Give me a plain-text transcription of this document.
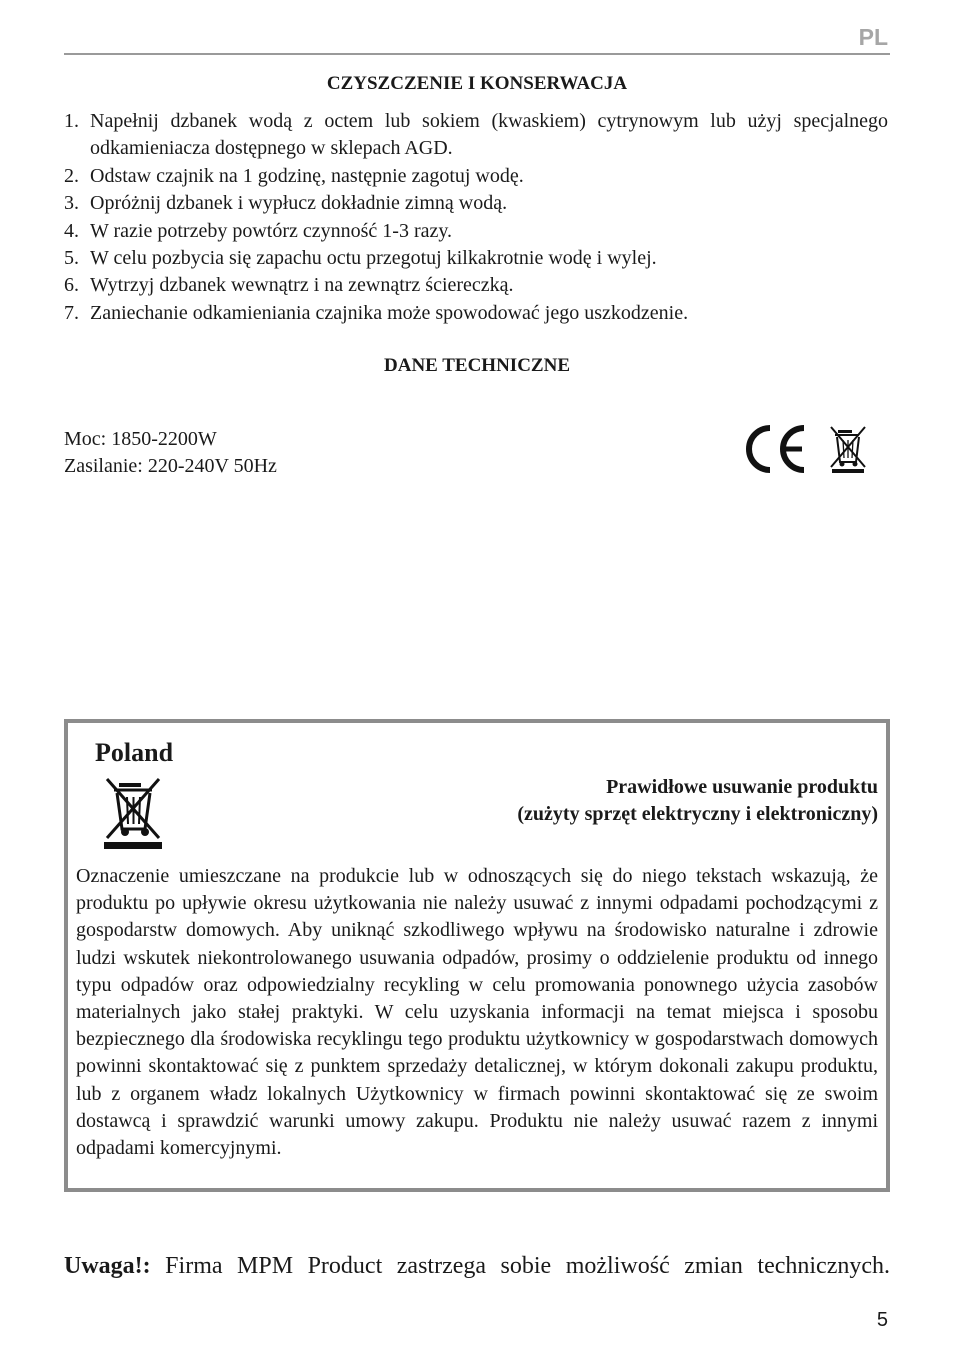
PL
CZYSZCZENIE I KONSERWACJA
1. Napełnij dzbanek wodą z octem lub sokiem (kwaskiem) cytrynowym lub użyj specjalnego odkamieniacza dostępnego w sklepach AGD.
2. Odstaw czajnik na 1 godzinę, następnie zagotuj wodę.
3. Opróżnij dzbanek i wypłucz dokładnie zimną wodą.
4. W razie potrzeby powtórz czynność 1-3 razy.
5. W celu pozbycia się zapachu octu przegotuj kilkakrotnie wodę i wylej.
6. Wytrzyj dzbanek wewnątrz i na zewnątrz ściereczką.
7. Zaniechanie odkamieniania czajnika może spowodować jego uszkodzenie.
DANE TECHNICZNE
Moc: 1850-2200W
Zasilanie: 220-240V 50Hz
Poland
Prawidłowe usuwanie produktu
(zużyty sprzęt elektryczny i elektroniczny)
Oznaczenie umieszczane na produkcie lub w odnoszących się do niego tekstach wskazują, że produktu po upływie okresu użytkowania nie należy usuwać z innymi odpadami pochodzącymi z gospodarstw domowych. Aby uniknąć szkodliwego wpływu na środowisko naturalne i zdrowie ludzi wskutek niekontrolowanego usuwania odpadów, prosimy o oddzielenie produktu od innego typu odpadów oraz odpowiedzialny recykling w celu promowania ponownego użycia zasobów materialnych jako stałej praktyki. W celu uzyskania informacji na temat miejsca i sposobu bezpiecznego dla środowiska recyklingu tego produktu użytkownicy w gospodarstwach domowych powinni skontaktować się z punktem sprzedaży detalicznej, w którym dokonali zakupu produktu, lub z organem władz lokalnych Użytkownicy w firmach powinni skontaktować się ze swoim dostawcą i sprawdzić warunki umowy zakupu. Produktu nie należy usuwać razem z innymi odpadami komercyjnymi.
Uwaga!: Firma MPM Product zastrzega sobie możliwość zmian technicznych.
5
